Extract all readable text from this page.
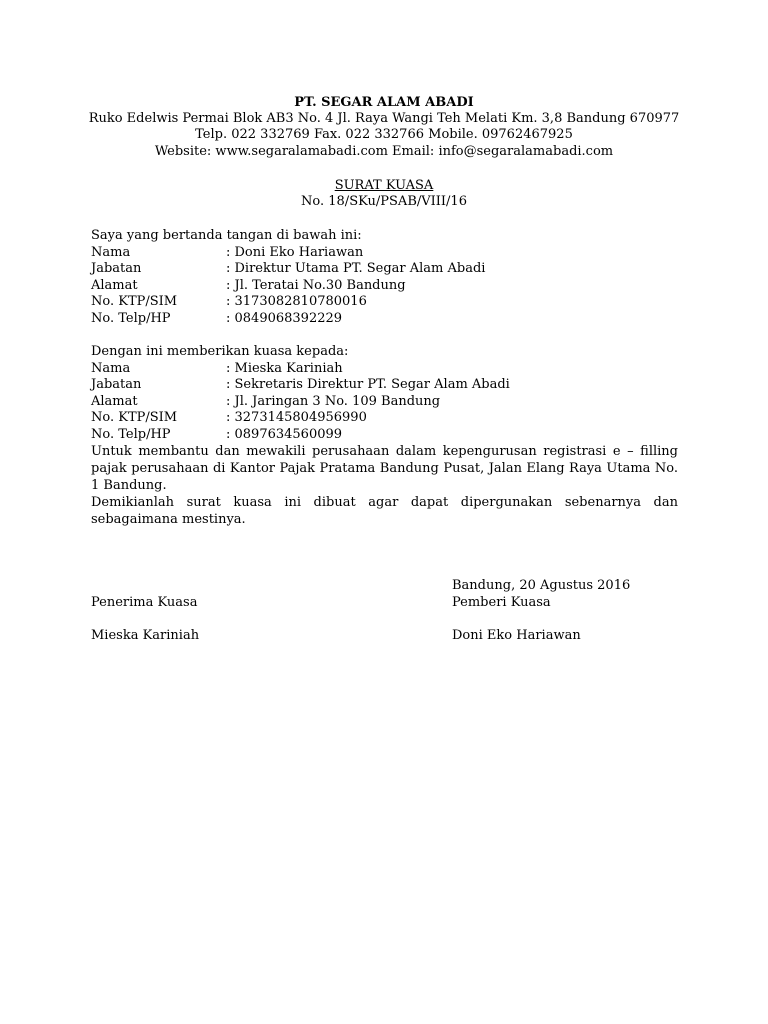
PT. SEGAR ALAM ABADI
Ruko Edelwis Permai Blok AB3 No. 4 Jl. Raya Wangi Teh Melati Km. 3,8 Bandung 670977
Telp. 022 332769 Fax. 022 332766 Mobile. 09762467925
Website: www.segaralamabadi.com Email: info@segaralamabadi.com
SURAT KUASA
No. 18/SKu/PSAB/VIII/16
Saya yang bertanda tangan di bawah ini:
Nama	: Doni Eko Hariawan
Jabatan	: Direktur Utama PT. Segar Alam Abadi
Alamat	: Jl. Teratai No.30 Bandung
No. KTP/SIM	: 3173082810780016
No. Telp/HP	: 0849068392229
Dengan ini memberikan kuasa kepada:
Nama	: Mieska Kariniah
Jabatan	: Sekretaris Direktur PT. Segar Alam Abadi
Alamat	: Jl. Jaringan 3 No. 109 Bandung
No. KTP/SIM	: 3273145804956990
No. Telp/HP	: 0897634560099
Untuk membantu dan mewakili perusahaan dalam kepengurusan registrasi e – filling pajak perusahaan di Kantor Pajak Pratama Bandung Pusat, Jalan Elang Raya Utama No. 1 Bandung.
Demikianlah surat kuasa ini dibuat agar dapat dipergunakan sebenarnya dan sebagaimana mestinya.
Bandung, 20 Agustus 2016
Penerima Kuasa	Pemberi Kuasa
Mieska Kariniah	Doni Eko Hariawan
